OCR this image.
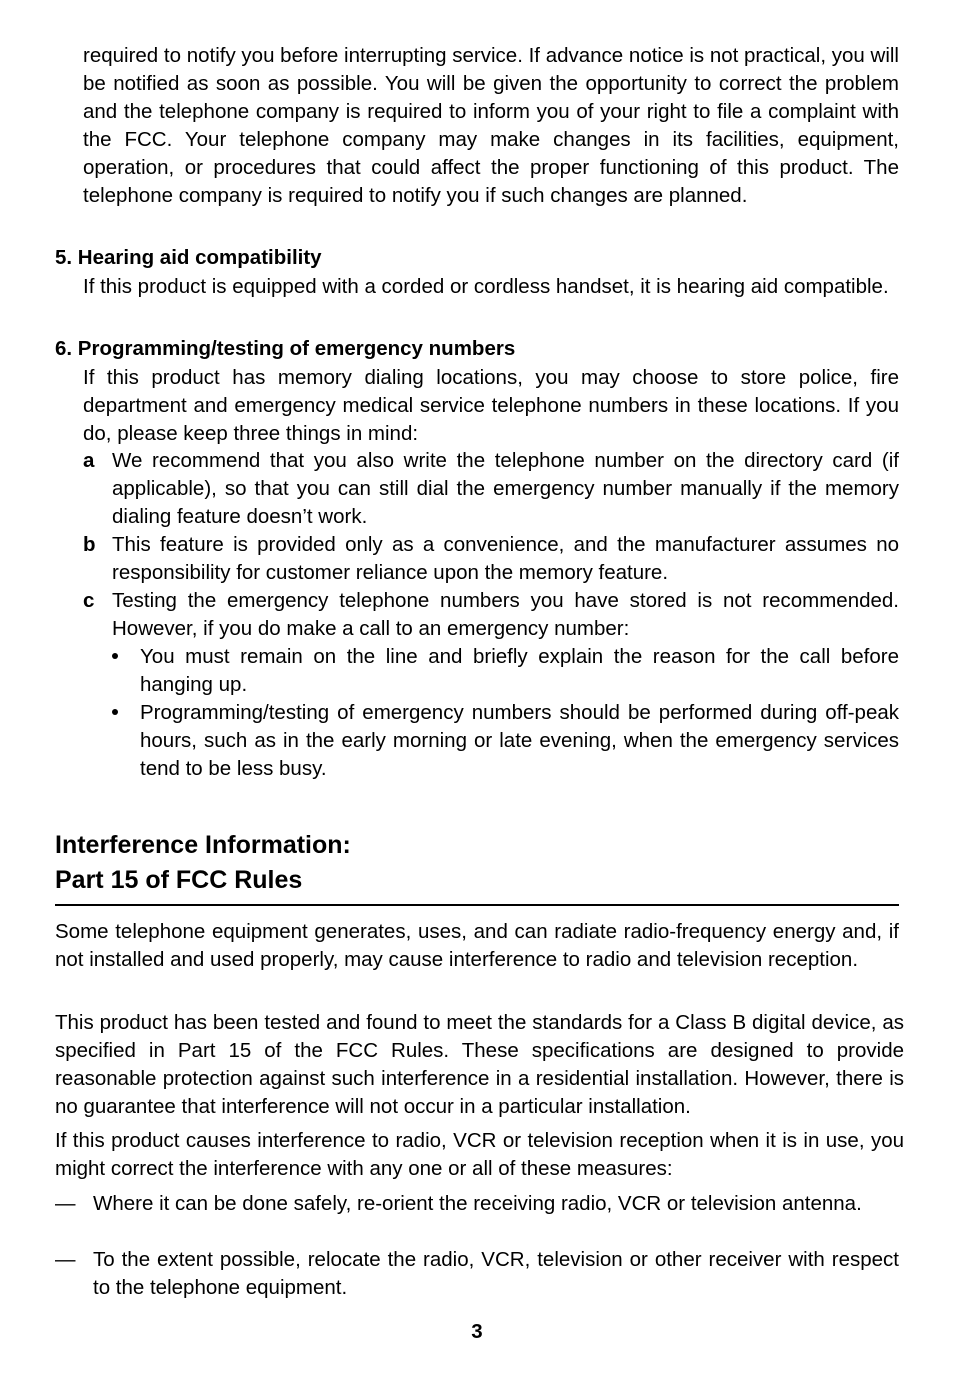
required to notify you before interrupting service. If advance notice is not practical, you will be notified as soon as possible. You will be given the opportunity to correct the problem and the telephone company is required to inform you of your right to file a complaint with the FCC. Your telephone company may make changes in its facilities, equipment, operation, or procedures that could affect the proper functioning of this product. The telephone company is required to notify you if such changes are planned.

5. Hearing aid compatibility

If this product is equipped with a corded or cordless handset, it is hearing aid compatible.

6. Programming/testing of emergency numbers

If this product has memory dialing locations, you may choose to store police, fire department and emergency medical service telephone numbers in these locations. If you do, please keep three things in mind:

a We recommend that you also write the telephone number on the directory card (if applicable), so that you can still dial the emergency number manually if the memory dialing feature doesn’t work.

b This feature is provided only as a convenience, and the manufacturer assumes no responsibility for customer reliance upon the memory feature.

c Testing the emergency telephone numbers you have stored is not recommended. However, if you do make a call to an emergency number:

You must remain on the line and briefly explain the reason for the call before hanging up.

Programming/testing of emergency numbers should be performed during off-peak hours, such as in the early morning or late evening, when the emergency services tend to be less busy.

Interference Information:
Part 15 of FCC Rules

Some telephone equipment generates, uses, and can radiate radio-frequency energy and, if not installed and used properly, may cause interference to radio and television reception.

This product has been tested and found to meet the standards for a Class B digital device, as specified in Part 15 of the FCC Rules. These specifications are designed to provide reasonable protection against such interference in a residential installation. However, there is no guarantee that interference will not occur in a particular installation.

If this product causes interference to radio, VCR or television reception when it is in use, you might correct the interference with any one or all of these measures:

— Where it can be done safely, re-orient the receiving radio, VCR or television antenna.

— To the extent possible, relocate the radio, VCR, television or other receiver with respect to the telephone equipment.

3
